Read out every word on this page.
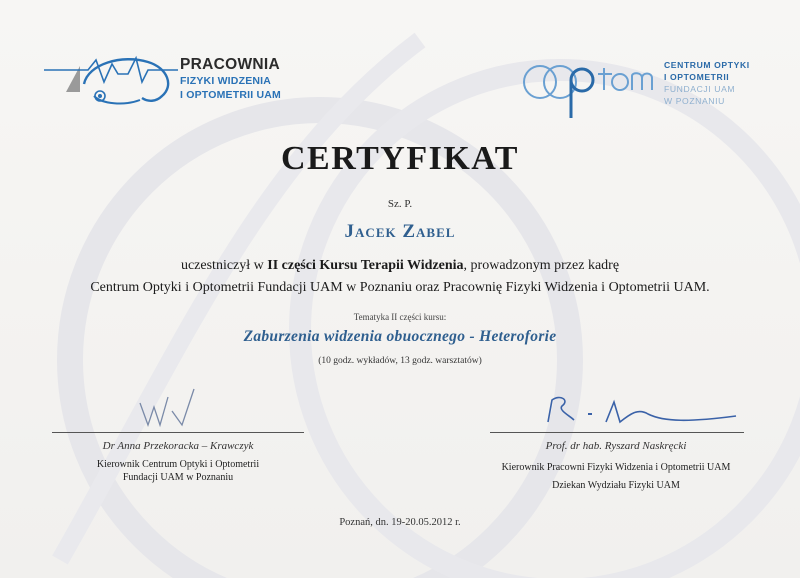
PRACOWNIA
FIZYKI WIDZENIA
I OPTOMETRII UAM
CENTRUM OPTYKI
I OPTOMETRII
FUNDACJI UAM
W POZNANIU
CERTYFIKAT
Sz. P.
Jacek Zabel
uczestniczył w II części Kursu Terapii Widzenia, prowadzonym przez kadrę
Centrum Optyki i Optometrii Fundacji UAM w Poznaniu oraz Pracownię Fizyki Widzenia i Optometrii UAM.
Tematyka II części kursu:
Zaburzenia widzenia obuocznego - Heteroforie
(10 godz. wykładów, 13 godz. warsztatów)
Dr Anna Przekoracka – Krawczyk
Kierownik Centrum Optyki i Optometrii
Fundacji UAM w Poznaniu
Prof. dr hab. Ryszard Naskręcki
Kierownik Pracowni Fizyki Widzenia i Optometrii UAM
Dziekan Wydziału Fizyki UAM
Poznań, dn. 19-20.05.2012 r.
